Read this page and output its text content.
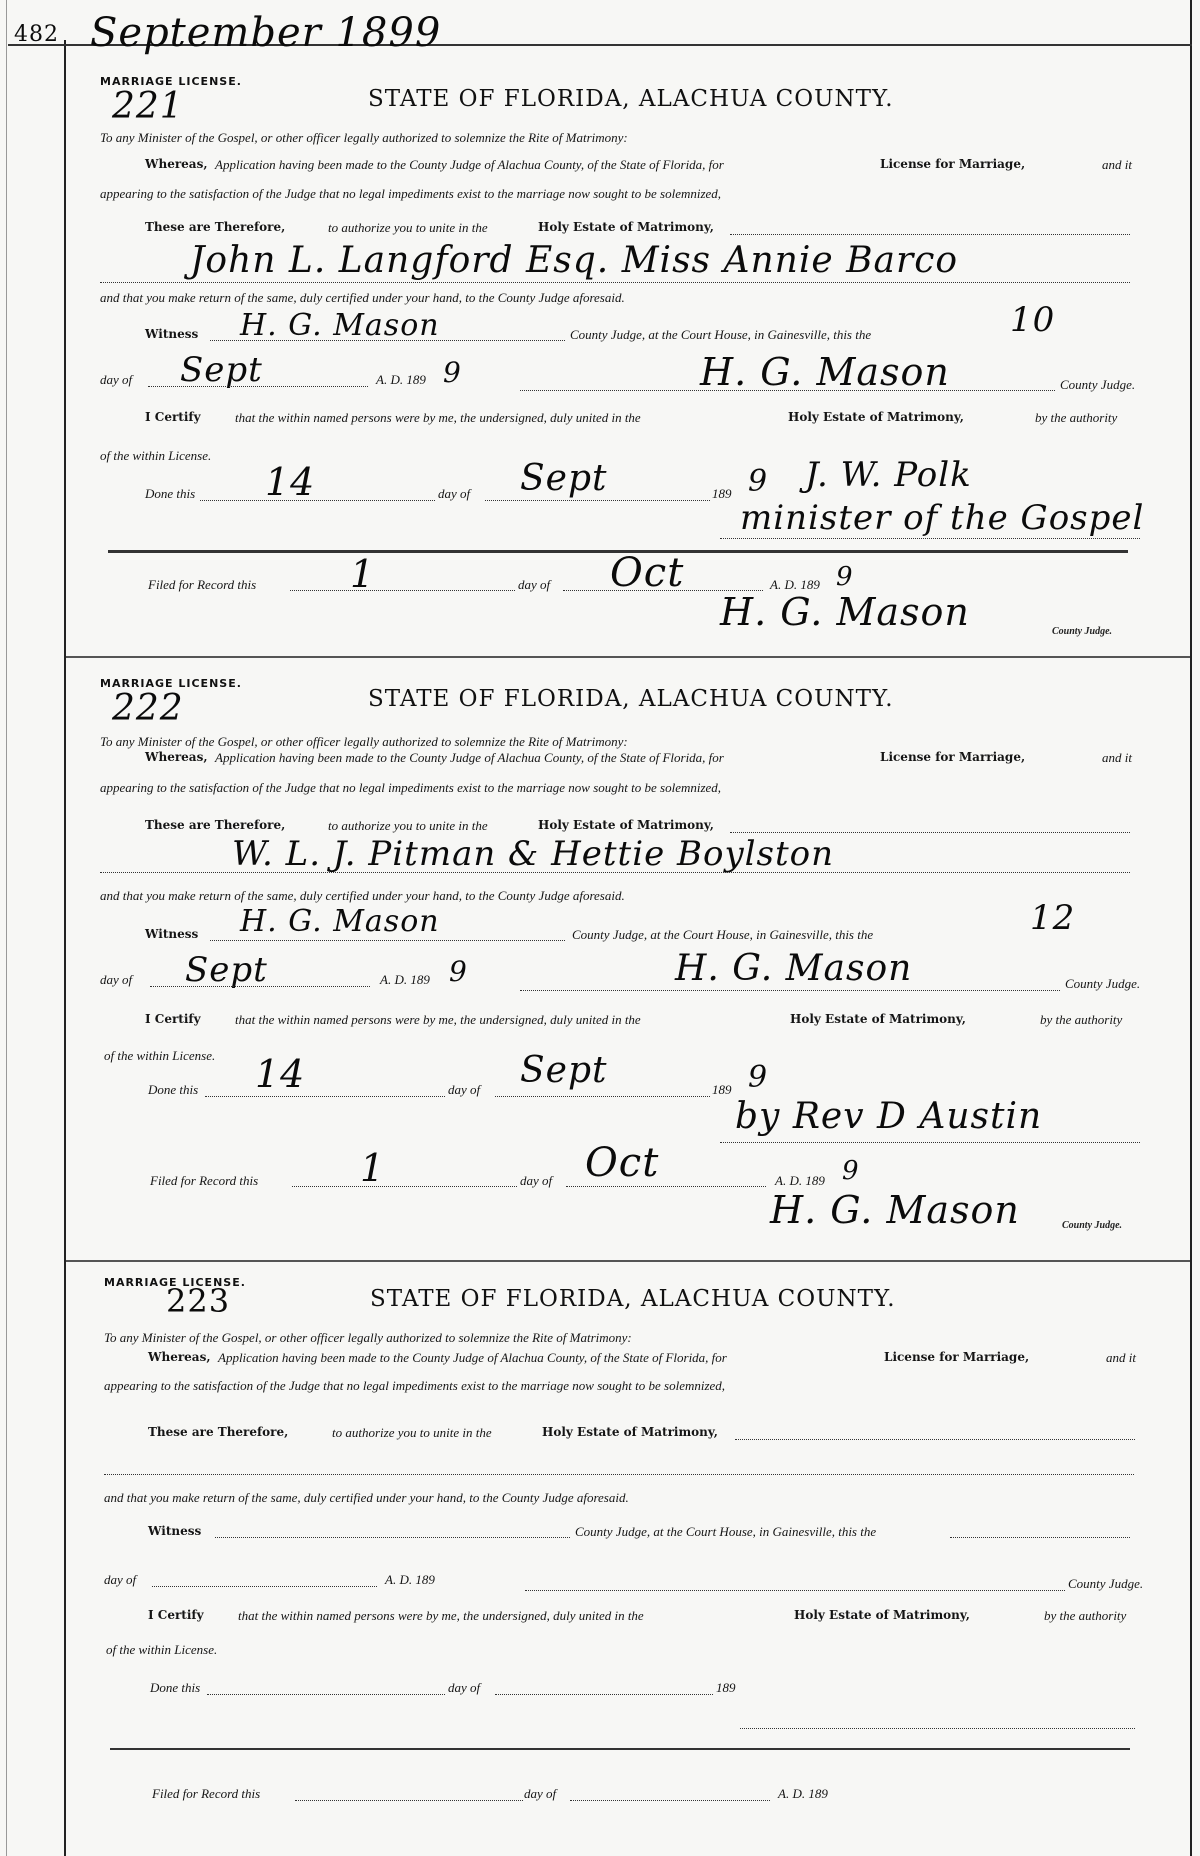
482 September 1899
MARRIAGE LICENSE.
221	STATE OF FLORIDA, ALACHUA COUNTY.
To any Minister of the Gospel, or other officer legally authorized to solemnize the Rite of Matrimony:
Whereas, Application having been made to the County Judge of Alachua County, of the State of Florida, for	License for Marriage,	and it
appearing to the satisfaction of the Judge that no legal impediments exist to the marriage now sought to be solemnized,
These are Therefore,	to authorize you to unite in the	Holy Estate of Matrimony,
John L. Langford Esq. Miss Annie Barco
and that you make return of the same, duly certified under your hand, to the County Judge aforesaid.
Witness H. G. Mason	County Judge, at the Court House, in Gainesville, this the	10
day of Sept	A. D. 189 9	H. G. Mason	County Judge.
I Certify	that the within named persons were by me, the undersigned, duly united in the	Holy Estate of Matrimony,	by the authority
of the within License.
Done this 14	day of Sept	189 9 J. W. Polk
minister of the Gospel
Filed for Record this 1	day of Oct	A. D. 189 9
H. G. Mason	County Judge.
MARRIAGE LICENSE.
222	STATE OF FLORIDA, ALACHUA COUNTY.
To any Minister of the Gospel, or other officer legally authorized to solemnize the Rite of Matrimony:
Whereas, Application having been made to the County Judge of Alachua County, of the State of Florida, for	License for Marriage,	and it
appearing to the satisfaction of the Judge that no legal impediments exist to the marriage now sought to be solemnized,
These are Therefore,	to authorize you to unite in the	Holy Estate of Matrimony,
W. L. J. Pitman & Hettie Boylston
and that you make return of the same, duly certified under your hand, to the County Judge aforesaid.
Witness H. G. Mason	County Judge, at the Court House, in Gainesville, this the	12
day of Sept	A. D. 189 9	H. G. Mason	County Judge.
I Certify	that the within named persons were by me, the undersigned, duly united in the	Holy Estate of Matrimony,	by the authority
of the within License.
Done this 14	day of Sept	189 9
by Rev D Austin
Filed for Record this	1	day of Oct	A. D. 189 9
H. G. Mason	County Judge.
MARRIAGE LICENSE.
223	STATE OF FLORIDA, ALACHUA COUNTY.
To any Minister of the Gospel, or other officer legally authorized to solemnize the Rite of Matrimony:
Whereas, Application having been made to the County Judge of Alachua County, of the State of Florida, for	License for Marriage,	and it
appearing to the satisfaction of the Judge that no legal impediments exist to the marriage now sought to be solemnized,
These are Therefore,	to authorize you to unite in the	Holy Estate of Matrimony,
and that you make return of the same, duly certified under your hand, to the County Judge aforesaid.
Witness	County Judge, at the Court House, in Gainesville, this the
day of	A. D. 189	County Judge.
I Certify	that the within named persons were by me, the undersigned, duly united in the	Holy Estate of Matrimony,	by the authority
of the within License.
Done this	day of	189
Filed for Record this	day of	A. D. 189
